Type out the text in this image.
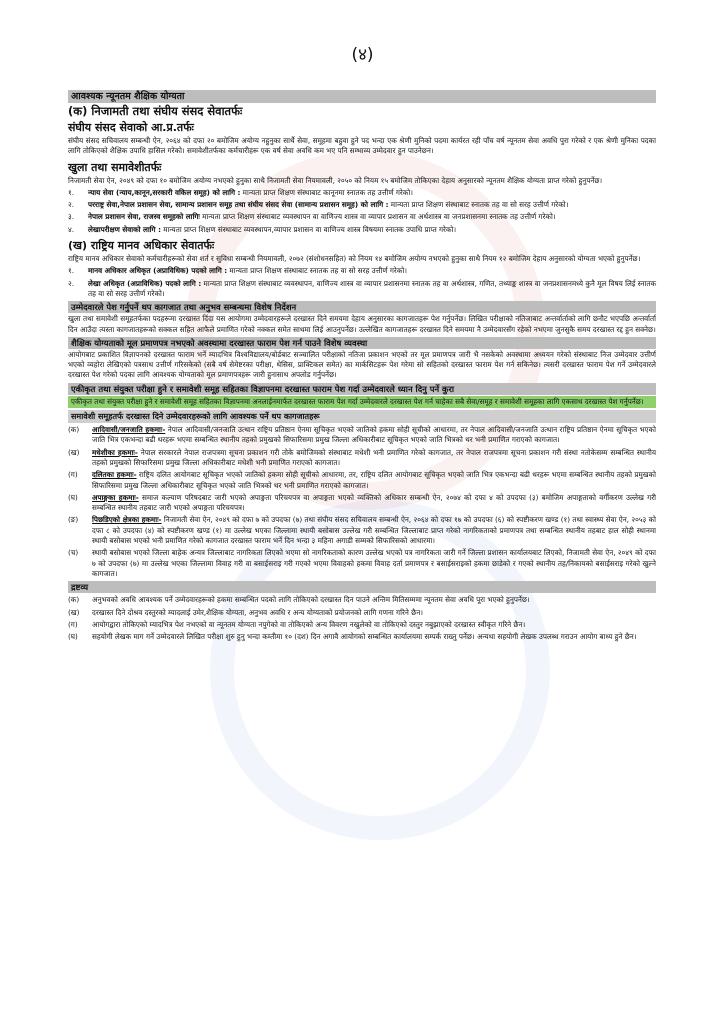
(४)
आवश्यक न्यूनतम शैक्षिक योग्यता
(क) निजामती तथा संघीय संसद सेवातर्फः
संघीय संसद सेवाको आ.प्र.तर्फः
संघीय संसद सचिवालय सम्बन्धी ऐन, २०६४ को दफा २० बमोजिम अयोग्य नहुनुका सार्थै सेवा, समूहमा बहुवा हुने पद भन्दा एक श्रेणी मुनिको पदमा कार्यरत रही पाँच वर्ष न्यूनतम सेवा अवधि पुरा गरेको र एक श्रेणी मुनिका पदका लागि तोकिएको शैक्षिक उपाधि हासिल गरेको। समावेशीतर्फका कर्मचारीहरू एक वर्ष सेवा अवधि कम भए पनि सम्भाव्य उम्मेदवार हुन पाउनेछन।
खुला तथा समावेशीतर्फः
निजामती सेवा ऐन, २०४९ को दफा १० बमोजिम अयोग्य नभएको हुनुका साथै निजामती सेवा नियमावली, २०५० को नियम १५ बमोजिम तोकिएका देहाय अनुसारको न्यूनतम शैक्षिक योग्यता प्राप्त गरेको हुनुपर्नेछ।
१.	न्याय सेवा (न्याय,कानून,सरकारी वकिल समूह) को लागि : मान्यता प्राप्त शिक्षण संस्थाबाट कानूनमा स्नातक तह उत्तीर्ण गरेको।
२.	परराष्ट्र सेवा,नेपाल प्रशासन सेवा, सामान्य प्रशासन समूह तथा संघीय संसद सेवा (सामान्य प्रशासन समूह) को लागि : मान्यता प्राप्त शिक्षण संस्थाबाट स्नातक तह वा सो सरह उत्तीर्ण गरेको।
३.	नेपाल प्रशासन सेवा, राजस्व समूहको लागिः मान्यता प्राप्त शिक्षण संस्थाबाट व्यवस्थापन वा वाणिज्य शास्त्र वा व्यापार प्रशासन वा अर्थशास्त्र वा जनप्रशासनमा स्नातक तह उत्तीर्ण गरेको।
४.	लेखापरीक्षण सेवाको लागि : मान्यता प्राप्त शिक्षण संस्थाबाट व्यवस्थापन,व्यापार प्रशासन वा वाणिज्य शास्त्र विषयमा स्नातक उपाधि प्राप्त गरेको।
(ख) राष्ट्रिय मानव अधिकार सेवातर्फः
राष्ट्रिय मानव अधिकार सेवाको कर्मचारीहरूको सेवा शर्त र सुविधा सम्बन्धी नियमावली, २०७२ (संशोधनसहित) को नियम १४ बमोजिम अयोग्य नभएको हुनुका साथै नियम १२ बमोजिम देहाय अनुसारको योग्यता भएको हुनुपर्नेछ।
१.	मानव अधिकार अधिकृत (अप्राविधिक) पदको लागि : मान्यता प्राप्त शिक्षण संस्थाबाट स्नातक तह वा सो सरह उत्तीर्ण गरेको।
२.	लेखा अधिकृत (अप्राविधिक) पदको लागि : मान्यता प्राप्त शिक्षण संस्थाबाट व्यवस्थापन, वाणिज्य शास्त्र वा व्यापार प्रशासनमा स्नातक तह वा अर्थशास्त्र, गणित, तथ्याङ्क शास्त्र वा जनप्रशासनमध्ये कुनै मूल विषय लिई स्नातक तह वा सो सरह उत्तीर्ण गरेको।
उम्मेदवारले पेश गर्नुपर्ने थप कागजात तथा अनुभव सम्बन्धमा विशेष निर्देशन
खुला तथा समावेशी समूहतर्फका पदहरूमा दरखास्त दिंदा यस आयोगमा उम्मेदवारहरूले दरखास्त दिने समयमा देहाय अनुसारका कागजातहरू पेश गर्नुपर्नेछ। लिखित परीक्षाको नतिजाबाट अन्तर्वार्ताको लागि छनौट भएपछि अन्तर्वार्ता दिन आउँदा त्यस्ता कागजातहरूको सक्कल सहित आफैले प्रमाणित गरेको नक्कल समेत साथमा लिई आउनुपर्नेछ। उल्लेखित कागजातहरू दरखास्त दिने समयमा नै उम्मेदवारसँग रहेको नभएमा जुनसुकै समय दरखास्त रद्द हुन सक्नेछ।
शैक्षिक योग्यताको मूल प्रमाणपत्र नभएको अवस्थामा दरखास्त फाराम पेश गर्न पाउने विशेष व्यवस्था
आयोगबाट प्रकाशित विज्ञापनको दरखास्त फाराम भर्ने म्यादभित्र विश्वविद्यालय/बोर्डबाट सञ्चालित परीक्षाको नतिजा प्रकाशन भएको तर मूल प्रमाणपत्र जारी भै नसकेको अवस्थामा अध्ययन गरेको संस्थाबाट निज उम्मेदवार उत्तीर्ण भएको व्यहोरा लेखिएको पत्रसाथ उत्तीर्ण गरिसकेको (सबै वर्ष सेमेष्टरका परीक्षा, थेसिस, प्राक्टिकल समेत) का मार्कसिटहरू पेश गरेमा सो सहितको दरखास्त फाराम पेश गर्न सकिनेछ। त्यसरी दरखास्त फाराम पेश गर्ने उम्मेदवारले दरखास्त पेश गरेको पदका लागि आवश्यक योग्यताको मूल प्रमाणपत्रहरू जारी हुनासाथ अपलोड गर्नुपर्नेछ।
एकीकृत तथा संयुक्त परीक्षा हुने र समावेशी समूह सहितका विज्ञापनमा दरखास्त फाराम पेश गर्दा उम्मेदवारले ध्यान दिनु पर्ने कुरा
एकीकृत तथा संयुक्त परीक्षा हुने र समावेशी समूह सहितका विज्ञापनमा अनलाईनमार्फत दरखास्त फाराम पेश गर्दा उम्मेदवारले दरखास्त पेश गर्न चाहेका सबै सेवा/समूह र समावेशी समूहका लागि एकसाथ दरखास्त पेश गर्नुपर्नेछ।
समावेशी समूहतर्फ दरखास्त दिने उम्मेदवारहरूको लागि आवश्यक पर्ने थप कागजातहरू
(क)	आदिवासी/जनजाति हकमाः- नेपाल आदिवासी/जनजाति उत्थान राष्ट्रिय प्रतिष्ठान ऐनमा सूचिकृत भएको जातिको हकमा सोही सूचीको आधारमा, तर नेपाल आदिवासी/जनजाति उत्थान राष्ट्रिय प्रतिष्ठान ऐनमा सूचिकृत भएको जाति भित्र एकभन्दा बढी थरहरू भएमा सम्बन्धित स्थानीय तहको प्रमुखको सिफारिसमा प्रमुख जिल्ला अधिकारीबाट सूचिकृत भएको जाति भित्रको थर भनी प्रमाणित गराएको कागजात।
(ख)	मधेशीका हकमाः- नेपाल सरकारले नेपाल राजपत्रमा सूचना प्रकाशन गरी तोके बमोजिमको संस्थाबाट मधेशी भनी प्रमाणित गरेको कागजात, तर नेपाल राजपत्रमा सूचना प्रकाशन गरी संस्था नतोकेसम्म सम्बन्धित स्थानीय तहको प्रमुखको सिफारिसमा प्रमुख जिल्ला अधिकारीबाट मधेशी भनी प्रमाणित गराएको कागजात।
(ग)	दलितका हकमाः- राष्ट्रिय दलित आयोगबाट सूचिकृत भएको जातिको हकमा सोही सूचीको आधारमा, तर, राष्ट्रिय दलित आयोगबाट सूचिकृत भएको जाति भित्र एकभन्दा बढी थरहरू भएमा सम्बन्धित स्थानीय तहको प्रमुखको सिफारिसमा प्रमुख जिल्ला अधिकारीबाट सूचिकृत भएको जाति भित्रको थर भनी प्रमाणित गराएको कागजात।
(घ)	अपाङ्गका हकमाः- समाज कल्याण परिषदबाट जारी भएको अपाङ्गता परिचयपत्र वा अपाङ्गता भएको व्यक्तिको अधिकार सम्बन्धी ऐन, २०७४ को दफा ४ को उपदफा (३) बमोजिम अपाङ्गताको वर्गीकरण उल्लेख गरी सम्बन्धित स्थानीय तहबाट जारी भएको अपाङ्गता परिचयपत्र।
(ङ)	पिछडिएको क्षेत्रका हकमाः- निजामती सेवा ऐन, २०४९ को दफा ७ को उपदफा (७) तथा संघीय संसद सचिवालय सम्बन्धी ऐन, २०६४ को दफा १७ को उपदफा (६) को स्पष्टीकरण खण्ड (१) तथा स्वास्थ्य सेवा ऐन, २०५३ को दफा ८ को उपदफा (४) को स्पष्टीकरण खण्ड (१) मा उल्लेख भएका जिल्लामा स्थायी बसोबास उल्लेख गरी सम्बन्धित जिल्लाबाट प्राप्त गरेको नागरिकताको प्रमाणपत्र तथा सम्बन्धित स्थानीय तहबाट हाल सोही स्थानमा स्थायी बसोबास भएको भनी प्रमाणित गरेको कागजात दरखास्त फाराम भर्ने दिन भन्दा ३ महिना अगाडी सम्मको सिफारिसको आधारमा।
(च)	स्थायी बसोबास भएको जिल्ला बाहेक अन्यत्र जिल्लाबाट नागरिकता लिएको भएमा सो नागरिकताको कारण उल्लेख भएको पत्र नागरिकता जारी गर्ने जिल्ला प्रशासन कार्यालयबाट लिएको, निजामती सेवा ऐन, २०४९ को दफा ७ को उपदफा (७) मा उल्लेख भएका जिल्लामा विवाह गरी वा बसाईसराइ गरी गएको भएमा विवाहको हकमा विवाह दर्ता प्रमाणपत्र र बसाईसराइको हकमा छाडेको र गएको स्थानीय तह/निकायको बसाईसराइ गरेको खुल्ने कागजात।
द्रष्टव्य
(क)	अनुभवको अवधि आवश्यक पर्ने उम्मेदवारहरूको हकमा सम्बन्धित पदको लागि तोकिएको दरखास्त दिन पाउने अन्तिम मितिसम्ममा न्यूनतम सेवा अवधि पूरा भएको हुनुपर्नेछ।
(ख)	दरखास्त दिने दोश्रव दस्तुरको म्यादलाई उमेर,शैक्षिक योग्यता, अनुभव अवधि र अन्य योग्यताको प्रयोजनको लागि गणना गरिने छैन।
(ग)	आयोगद्वारा तोकिएको म्यादभित्र पेश नभएको वा न्यूनतम योग्यता नपुगेको वा तोकिएको अन्य विवरण नखुलेको वा तोकिएको दस्तुर नबुझाएको दरखास्त स्वीकृत गरिने छैन।
(घ)	सहयोगी लेखक माग गर्ने उम्मेदवारले लिखित परीक्षा शुरु हुनु भन्दा कम्तीमा १० (दश) दिन अगावै आयोगको सम्बन्धित कार्यालयमा सम्पर्क राख्नु पर्नेछ। अन्यथा सहयोगी लेखक उपलब्ध गराउन आयोग बाध्य हुने छैन।
